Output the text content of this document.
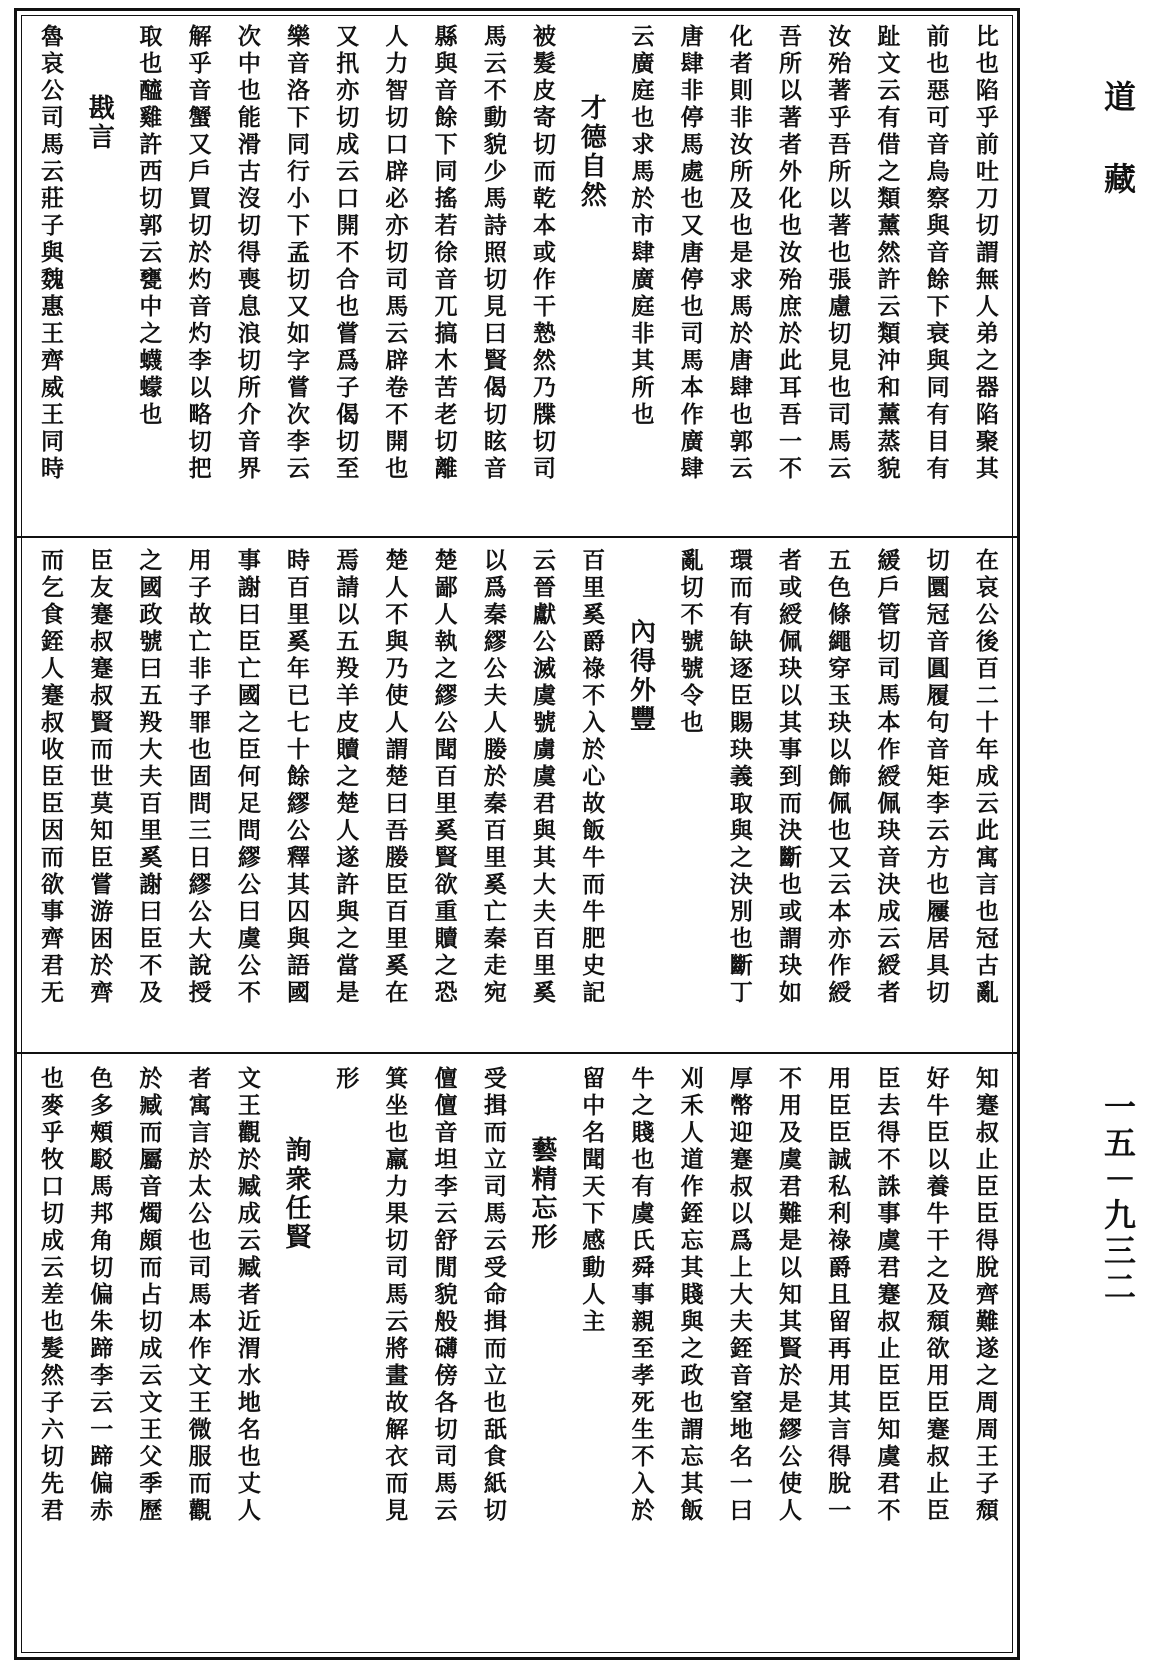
道藏
一五－九三二
比也陷乎前吐刀切謂無人弟之器陷聚其
前也惡可音烏察與音餘下衰與同有目有
趾文云有借之類薰然許云類沖和薰蒸貌
汝殆著乎吾所以著也張慮切見也司馬云
吾所以著者外化也汝殆庶於此耳吾一不
化者則非汝所及也是求馬於唐肆也郭云
唐肆非停馬處也又唐停也司馬本作廣肆
云廣庭也求馬於市肆廣庭非其所也
才德自然
被髮皮寄切而乾本或作干慹然乃牒切司
馬云不動貌少馬詩照切見曰賢偈切眩音
縣與音餘下同搖若徐音兀搞木苦老切離
人力智切口辟必亦切司馬云辟卷不開也
又扟亦切成云口開不合也嘗爲子偈切至
樂音洛下同行小下孟切又如字嘗次李云
次中也能滑古沒切得喪息浪切所介音界
解乎音蟹又戶買切於灼音灼李以略切把
取也醯雞許西切郭云甕中之蠛蠓也
戡言
魯哀公司馬云莊子與魏惠王齊威王同時
在哀公後百二十年成云此寓言也冠古亂
切圜冠音圓履句音矩李云方也屨居具切
緩戶管切司馬本作綬佩玦音決成云綬者
五色條繩穿玉玦以飾佩也又云本亦作綬
者或綬佩玦以其事到而決斷也或謂玦如
環而有缺逐臣賜玦義取與之決別也斷丁
亂切不號號令也
內得外豐
百里奚爵祿不入於心故飯牛而牛肥史記
云晉獻公滅虞號虜虞君與其大夫百里奚
以爲秦繆公夫人媵於秦百里奚亡秦走宛
楚鄙人執之繆公聞百里奚賢欲重贖之恐
楚人不與乃使人謂楚曰吾媵臣百里奚在
焉請以五羖羊皮贖之楚人遂許與之當是
時百里奚年已七十餘繆公釋其囚與語國
事謝曰臣亡國之臣何足問繆公曰虞公不
用子故亡非子罪也固問三日繆公大說授
之國政號曰五羖大夫百里奚謝曰臣不及
臣友蹇叔蹇叔賢而世莫知臣嘗游困於齊
而乞食銍人蹇叔收臣臣因而欲事齊君无
知蹇叔止臣臣得脫齊難遂之周周王子頹
好牛臣以養牛干之及頹欲用臣蹇叔止臣
臣去得不誅事虞君蹇叔止臣臣知虞君不
用臣臣誠私利祿爵且留再用其言得脫一
不用及虞君難是以知其賢於是繆公使人
厚幣迎蹇叔以爲上大夫銍音窒地名一曰
刈禾人道作銍忘其賤與之政也謂忘其飯
牛之賤也有虞氏舜事親至孝死生不入於
留中名聞天下感動人主
藝精忘形
受揖而立司馬云受命揖而立也舐食紙切
儃儃音坦李云舒閒貌般礴傍各切司馬云
箕坐也羸力果切司馬云將畫故解衣而見
形
詢衆任賢
文王觀於臧成云臧者近渭水地名也丈人
者寓言於太公也司馬本作文王微服而觀
於臧而屬音燭頗而占切成云文王父季歷
色多頰駁馬邦角切偏朱蹄李云一蹄偏赤
也麥乎牧口切成云差也髮然子六切先君
